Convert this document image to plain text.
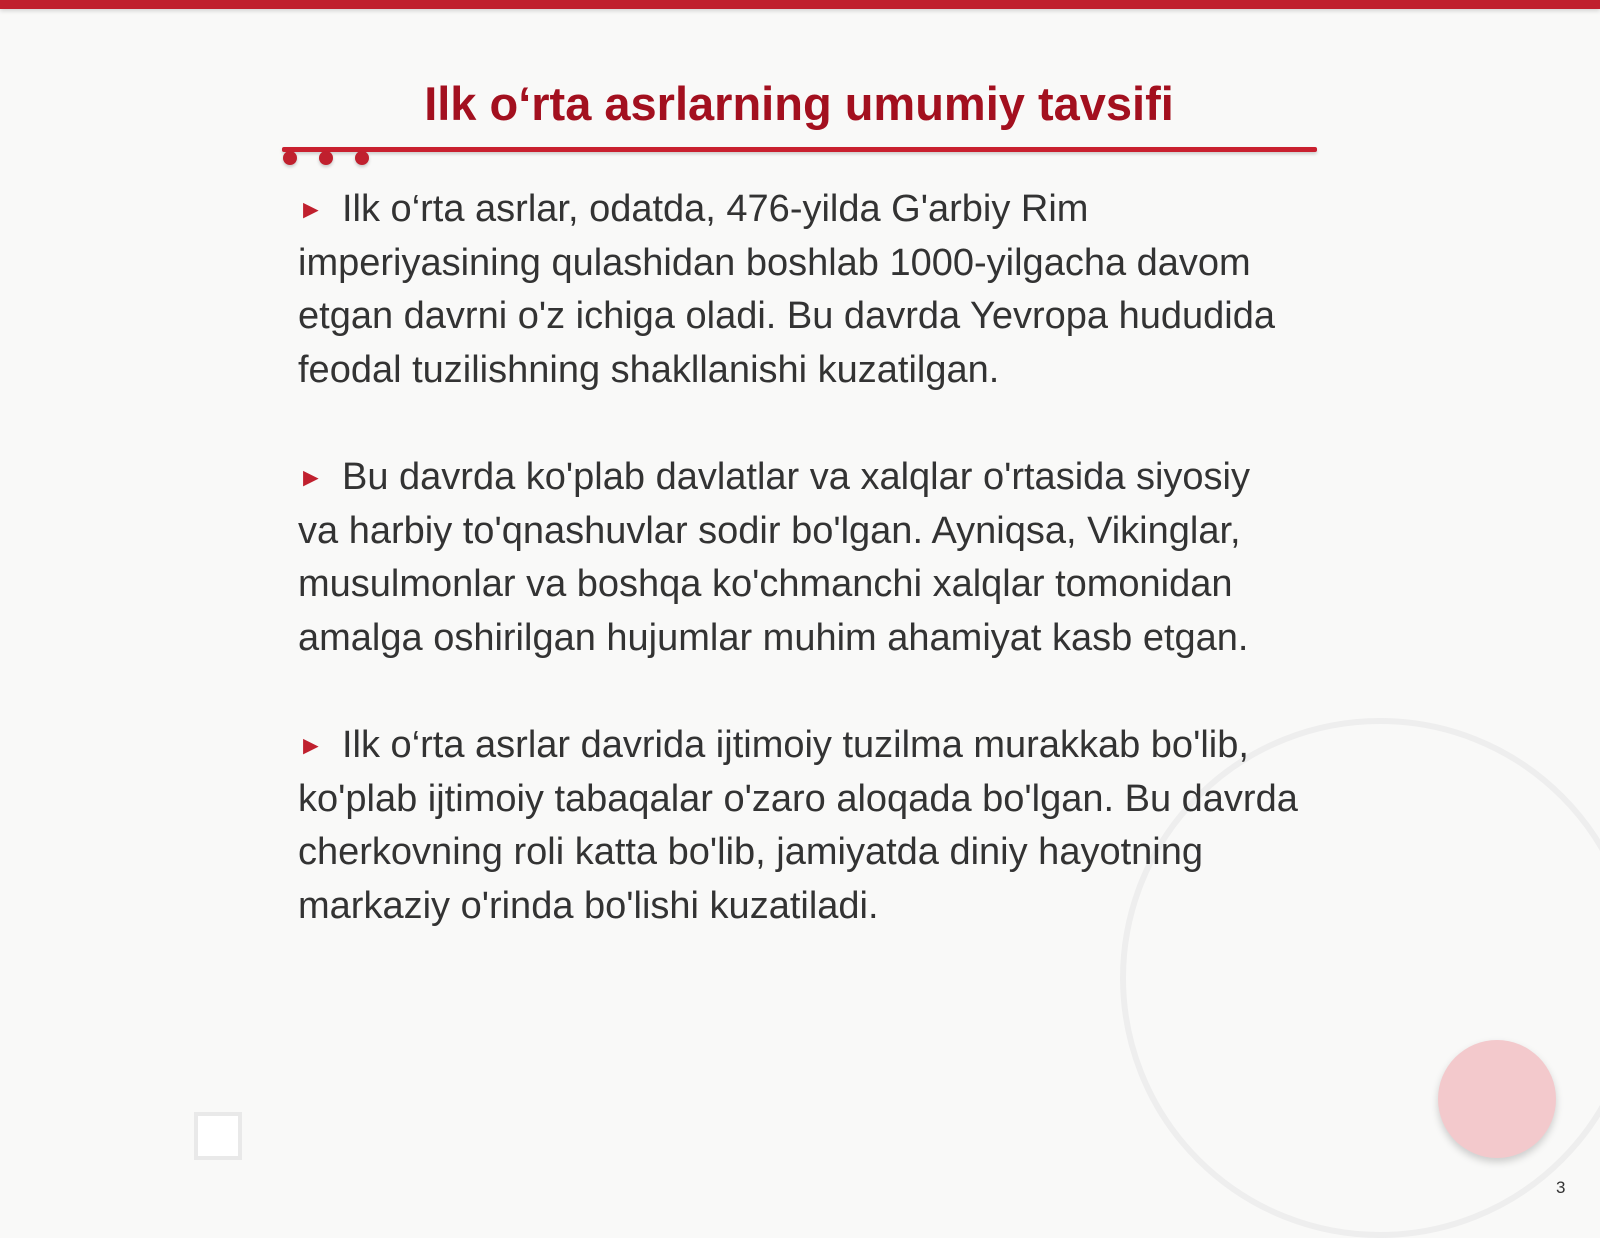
Ilk o‘rta asrlarning umumiy tavsifi
► Ilk o‘rta asrlar, odatda, 476-yilda G'arbiy Rim imperiyasining qulashidan boshlab 1000-yilgacha davom etgan davrni o'z ichiga oladi. Bu davrda Yevropa hududida feodal tuzilishning shakllanishi kuzatilgan.
► Bu davrda ko'plab davlatlar va xalqlar o'rtasida siyosiy va harbiy to'qnashuvlar sodir bo'lgan. Ayniqsa, Vikinglar, musulmonlar va boshqa ko'chmanchi xalqlar tomonidan amalga oshirilgan hujumlar muhim ahamiyat kasb etgan.
► Ilk o‘rta asrlar davrida ijtimoiy tuzilma murakkab bo'lib, ko'plab ijtimoiy tabaqalar o'zaro aloqada bo'lgan. Bu davrda cherkovning roli katta bo'lib, jamiyatda diniy hayotning markaziy o'rinda bo'lishi kuzatiladi.
3
